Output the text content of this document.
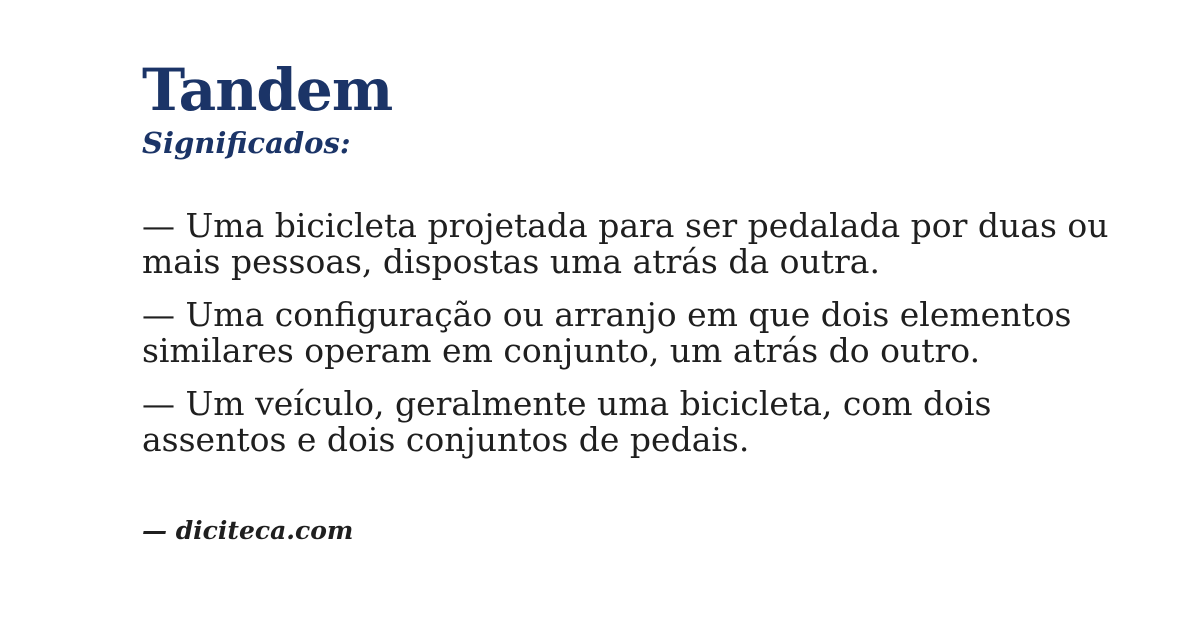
Tandem
Significados:

— Uma bicicleta projetada para ser pedalada por duas ou
mais pessoas, dispostas uma atrás da outra.

— Uma configuração ou arranjo em que dois elementos
similares operam em conjunto, um atrás do outro.

— Um veículo, geralmente uma bicicleta, com dois
assentos e dois conjuntos de pedais.

— diciteca.com
